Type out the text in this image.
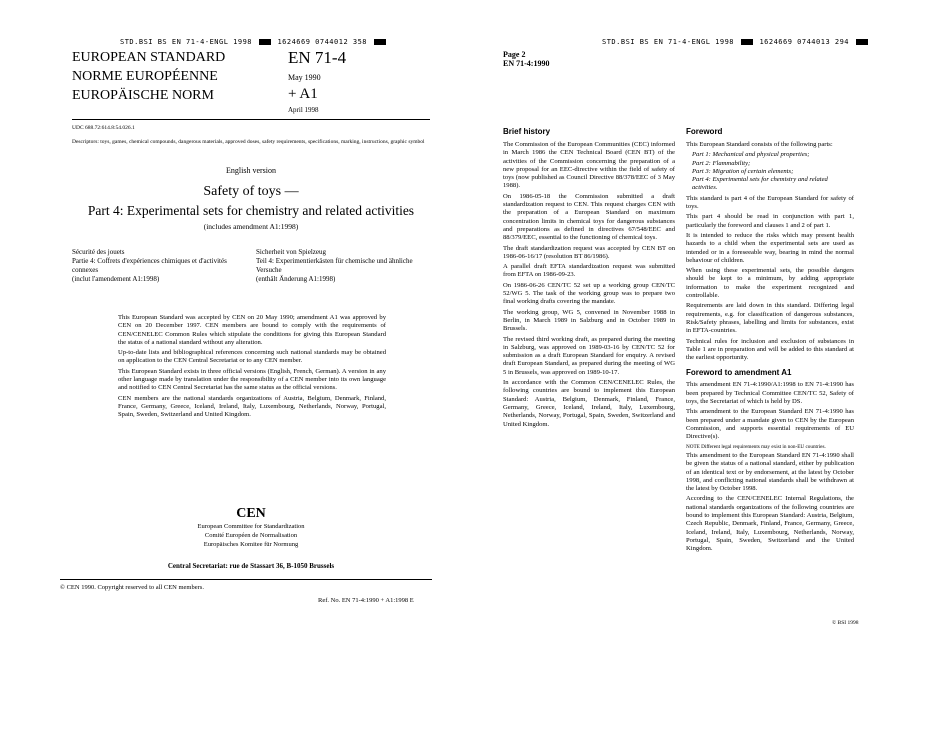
STD.BSI BS EN 71-4-ENGL 1998	1624669 0744012 358
EUROPEAN STANDARD
NORME EUROPÉENNE
EUROPÄISCHE NORM
EN 71-4
May 1990
+ A1
April 1998
UDC 688.72:614.8:54.026.1
Descriptors: toys, games, chemical compounds, dangerous materials, approved doses, safety requirements, specifications, marking, instructions, graphic symbol
English version
Safety of toys —
Part 4: Experimental sets for chemistry and related activities
(includes amendment A1:1998)
Sécurité des jouets
Partie 4: Coffrets d'expériences chimiques et d'activités connexes
(inclut l'amendement A1:1998)
Sicherheit von Spielzeug
Teil 4: Experimentierkästen für chemische und ähnliche Versuche
(enthält Änderung A1:1998)

This European Standard was accepted by CEN on 20 May 1990; amendment A1 was approved by CEN on 20 December 1997. CEN members are bound to comply with the requirements of CEN/CENELEC Common Rules which stipulate the conditions for giving this European Standard the status of a national standard without any alteration.

Up-to-date lists and bibliographical references concerning such national standards may be obtained on application to the CEN Central Secretariat or to any CEN member.

This European Standard exists in three official versions (English, French, German). A version in any other language made by translation under the responsibility of a CEN member into its own language and notified to CEN Central Secretariat has the same status as the official versions.

CEN members are the national standards organizations of Austria, Belgium, Denmark, Finland, France, Germany, Greece, Iceland, Ireland, Italy, Luxembourg, Netherlands, Norway, Portugal, Spain, Sweden, Switzerland and United Kingdom.

CEN
European Committee for Standardization
Comité Européen de Normalisation
Europäisches Komitee für Normung
Central Secretariat: rue de Stassart 36, B-1050 Brussels
© CEN 1990. Copyright reserved to all CEN members.
Ref. No. EN 71-4:1990 + A1:1998 E
STD.BSI BS EN 71-4-ENGL 1998	1624669 0744013 294
Page 2
EN 71-4:1990
Brief history

The Commission of the European Communities (CEC) informed in March 1986 the CEN Technical Board (CEN BT) of the activities of the Commission concerning the preparation of a new proposal for an EEC-directive within the field of safety of toys (now published as Council Directive 88/378/EEC of 3 May 1988).

On 1986-05-18 the Commission submitted a draft standardization request to CEN. This request charges CEN with the preparation of a European Standard on maximum concentration limits in chemical toys for dangerous substances and preparations as defined in directives 67/548/EEC and 88/379/EEC, essential to the functioning of chemical toys.

The draft standardization request was accepted by CEN BT on 1986-06-16/17 (resolution BT 86/1986).

A parallel draft EFTA standardization request was submitted from EFTA on 1986-09-23.

On 1986-06-26 CEN/TC 52 set up a working group CEN/TC 52/WG 5. The task of the working group was to prepare two final working drafts covering the mandate.

The working group, WG 5, convened in November 1988 in Berlin, in March 1989 in Salzburg and in October 1989 in Brussels.

The revised third working draft, as prepared during the meeting in Salzburg, was approved on 1989-03-16 by CEN/TC 52 for submission as a draft European Standard for enquiry. A revised draft European Standard, as prepared during the meeting of WG 5 in Brussels, was approved on 1989-10-17.

In accordance with the Common CEN/CENELEC Rules, the following countries are bound to implement this European Standard: Austria, Belgium, Denmark, Finland, France, Germany, Greece, Iceland, Ireland, Italy, Luxembourg, Netherlands, Norway, Portugal, Spain, Sweden, Switzerland and United Kingdom.

Foreword

This European Standard consists of the following parts:

Part 1: Mechanical and physical properties;
Part 2: Flammability;
Part 3: Migration of certain elements;
Part 4: Experimental sets for chemistry and related activities.

This standard is part 4 of the European Standard for safety of toys.

This part 4 should be read in conjunction with part 1, particularly the foreword and clauses 1 and 2 of part 1.

It is intended to reduce the risks which may present health hazards to a child when the experimental sets are used as intended or in a foreseeable way, bearing in mind the normal behaviour of children.

When using these experimental sets, the possible dangers should be kept to a minimum, by adding appropriate information to make the experiment recognized and controllable.

Requirements are laid down in this standard. Differing legal requirements, e.g. for classification of dangerous substances, Risk/Safety phrases, labelling and limits for substances, exist in EFTA-countries.

Technical rules for inclusion and exclusion of substances in Table 1 are in preparation and will be added to this standard at the earliest opportunity.

Foreword to amendment A1

This amendment EN 71-4:1990/A1:1998 to EN 71-4:1990 has been prepared by Technical Committee CEN/TC 52, Safety of toys, the Secretariat of which is held by DS.

This amendment to the European Standard EN 71-4:1990 has been prepared under a mandate given to CEN by the European Commission, and supports essential requirements of EU Directive(s).

NOTE Different legal requirements may exist in non-EU countries.

This amendment to the European Standard EN 71-4:1990 shall be given the status of a national standard, either by publication of an identical text or by endorsement, at the latest by October 1998, and conflicting national standards shall be withdrawn at the latest by October 1998.

According to the CEN/CENELEC Internal Regulations, the national standards organizations of the following countries are bound to implement this European Standard: Austria, Belgium, Czech Republic, Denmark, Finland, France, Germany, Greece, Iceland, Ireland, Italy, Luxembourg, Netherlands, Norway, Portugal, Spain, Sweden, Switzerland and the United Kingdom.

© BSI 1998
